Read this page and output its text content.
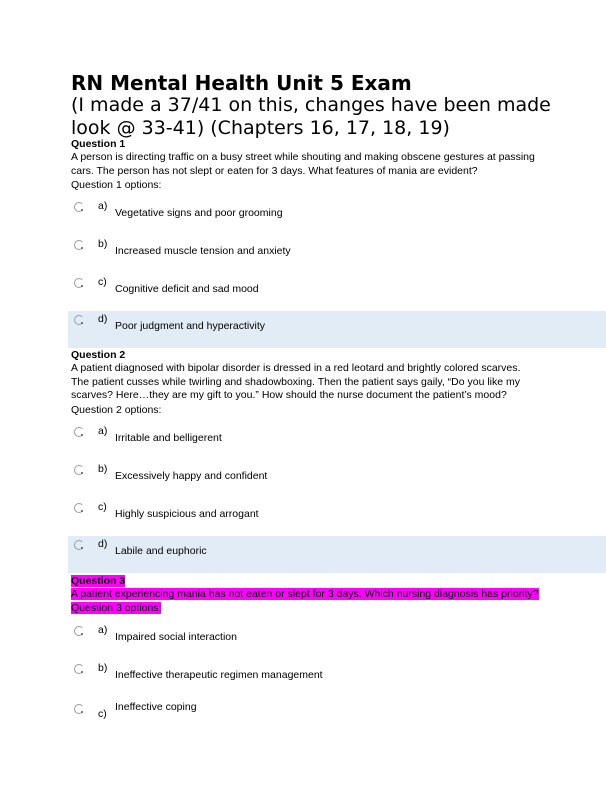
RN Mental Health Unit 5 Exam
(I made a 37/41 on this, changes have been made look @ 33-41) (Chapters 16, 17, 18, 19)
Question 1
A person is directing traffic on a busy street while shouting and making obscene gestures at passing cars. The person has not slept or eaten for 3 days. What features of mania are evident?
Question 1 options:
a)
Vegetative signs and poor grooming
b)
Increased muscle tension and anxiety
c)
Cognitive deficit and sad mood
d)
Poor judgment and hyperactivity
Question 2
A patient diagnosed with bipolar disorder is dressed in a red leotard and brightly colored scarves. The patient cusses while twirling and shadowboxing. Then the patient says gaily, “Do you like my scarves? Here…they are my gift to you.” How should the nurse document the patient’s mood?
Question 2 options:
a)
Irritable and belligerent
b)
Excessively happy and confident
c)
Highly suspicious and arrogant
d)
Labile and euphoric
Question 3
A patient experiencing mania has not eaten or slept for 3 days. Which nursing diagnosis has priority?
Question 3 options:
a)
Impaired social interaction
b)
Ineffective therapeutic regimen management
c)
Ineffective coping
